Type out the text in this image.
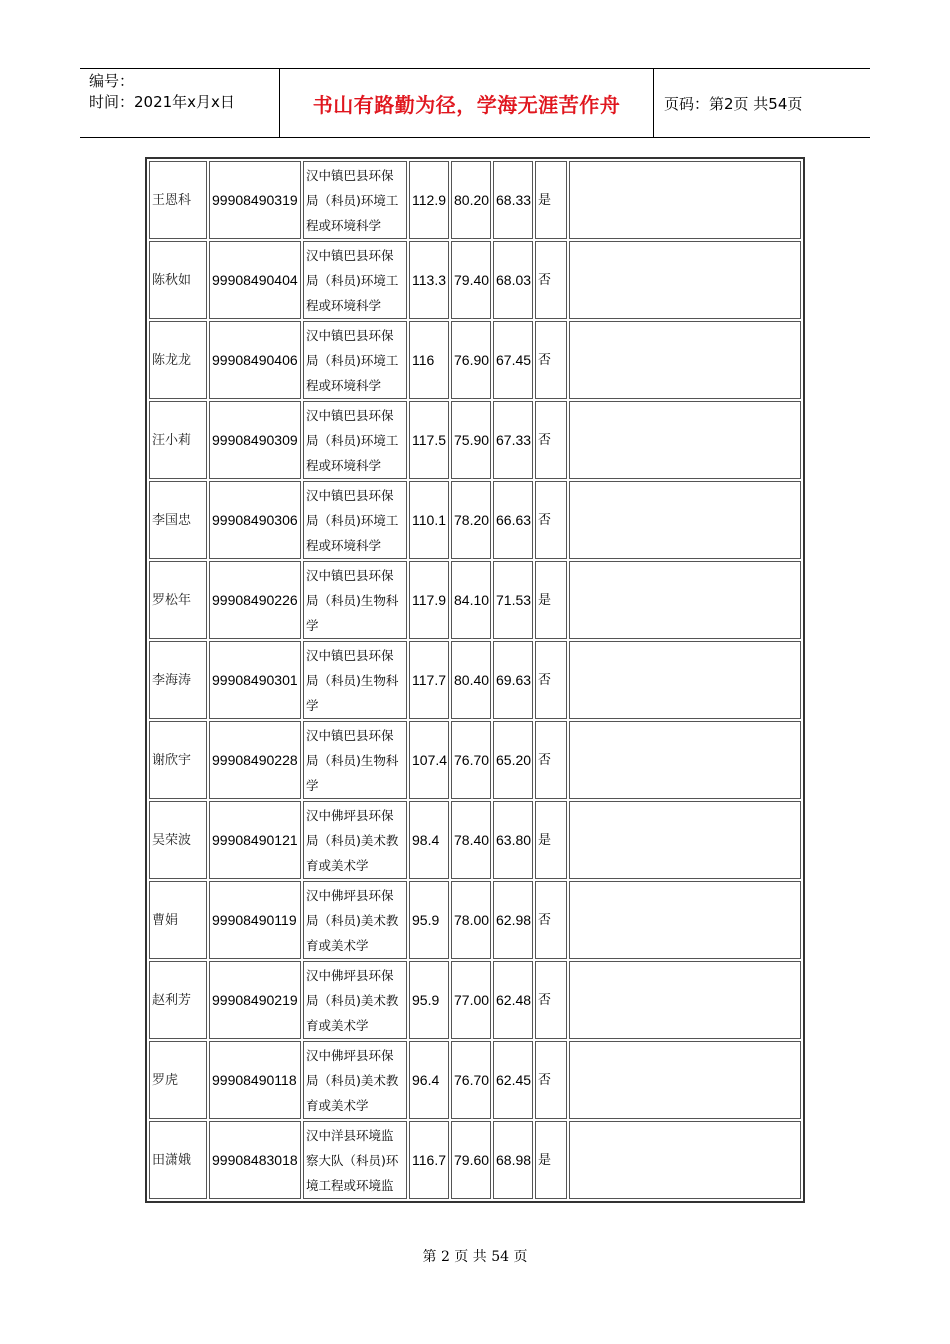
编号：
时间：2021年x月x日	书山有路勤为径，学海无涯苦作舟	页码：第2页 共54页
王恩科	99908490319	汉中镇巴县环保局（科员)环境工程或环境科学	112.9	80.20	68.33	是	
陈秋如	99908490404	汉中镇巴县环保局（科员)环境工程或环境科学	113.3	79.40	68.03	否	
陈龙龙	99908490406	汉中镇巴县环保局（科员)环境工程或环境科学	116	76.90	67.45	否	
汪小莉	99908490309	汉中镇巴县环保局（科员)环境工程或环境科学	117.5	75.90	67.33	否	
李国忠	99908490306	汉中镇巴县环保局（科员)环境工程或环境科学	110.1	78.20	66.63	否	
罗松年	99908490226	汉中镇巴县环保局（科员)生物科学	117.9	84.10	71.53	是	
李海涛	99908490301	汉中镇巴县环保局（科员)生物科学	117.7	80.40	69.63	否	
谢欣宇	99908490228	汉中镇巴县环保局（科员)生物科学	107.4	76.70	65.20	否	
吴荣波	99908490121	汉中佛坪县环保局（科员)美术教育或美术学	98.4	78.40	63.80	是	
曹娟	99908490119	汉中佛坪县环保局（科员)美术教育或美术学	95.9	78.00	62.98	否	
赵利芳	99908490219	汉中佛坪县环保局（科员)美术教育或美术学	95.9	77.00	62.48	否	
罗虎	99908490118	汉中佛坪县环保局（科员)美术教育或美术学	96.4	76.70	62.45	否	
田潇娥	99908483018	汉中洋县环境监察大队（科员)环境工程或环境监	116.7	79.60	68.98	是	
第 2 页 共 54 页
